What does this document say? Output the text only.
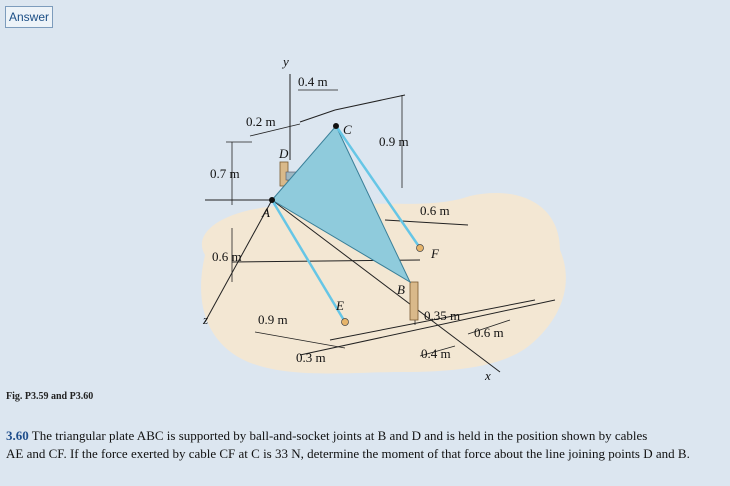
Answer
y
z
x
A
B
C
D
E
F
0.4 m
0.2 m
0.9 m
0.7 m
0.6 m
0.6 m
0.9 m
0.3 m
0.35 m
0.6 m
0.4 m
Fig. P3.59 and P3.60
3.60 The triangular plate ABC is supported by ball-and-socket joints at B and D and is held in the position shown by cables
AE and CF. If the force exerted by cable CF at C is 33 N, determine the moment of that force about the line joining points D and B.
